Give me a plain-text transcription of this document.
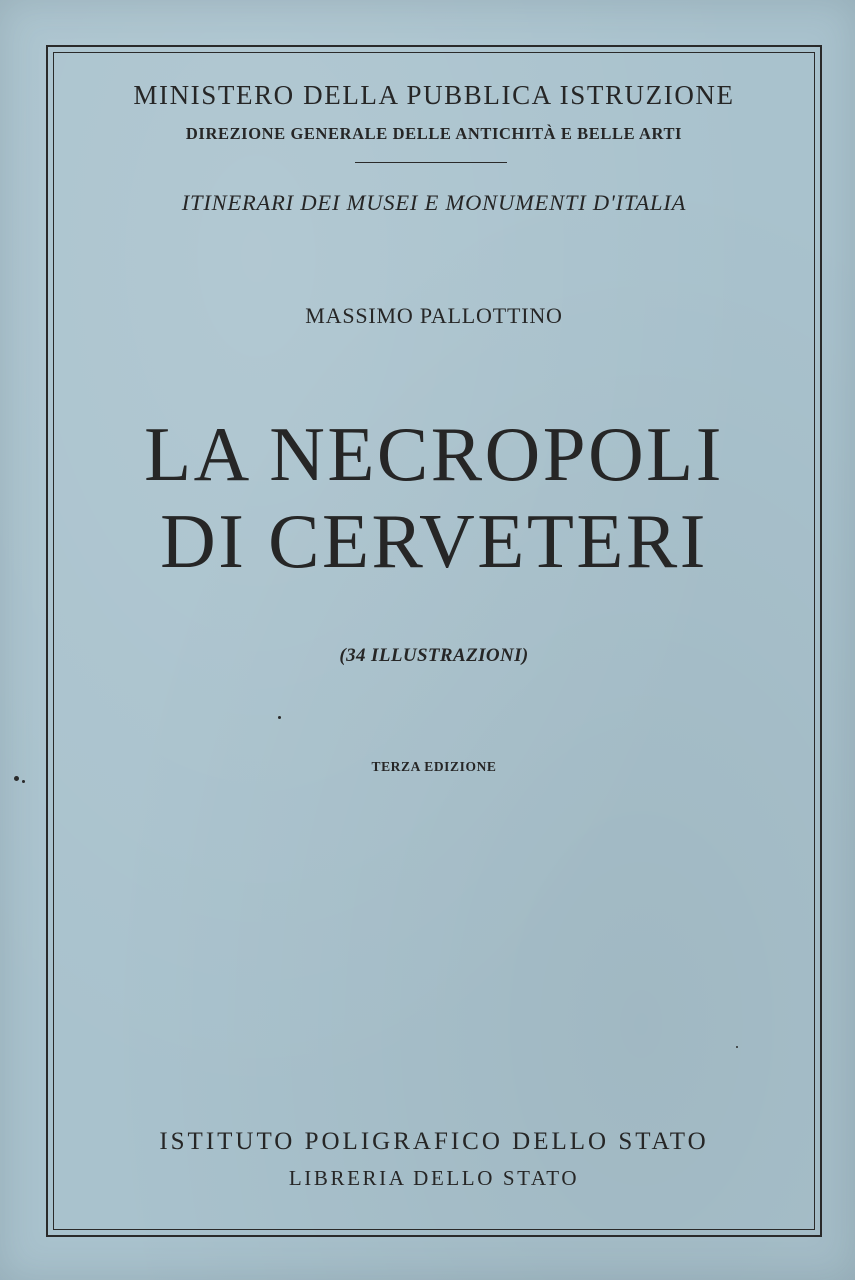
MINISTERO DELLA PUBBLICA ISTRUZIONE
DIREZIONE GENERALE DELLE ANTICHITÀ E BELLE ARTI
ITINERARI DEI MUSEI E MONUMENTI D'ITALIA
MASSIMO PALLOTTINO
LA NECROPOLI
DI CERVETERI
(34 ILLUSTRAZIONI)
TERZA EDIZIONE
ISTITUTO POLIGRAFICO DELLO STATO
LIBRERIA DELLO STATO
